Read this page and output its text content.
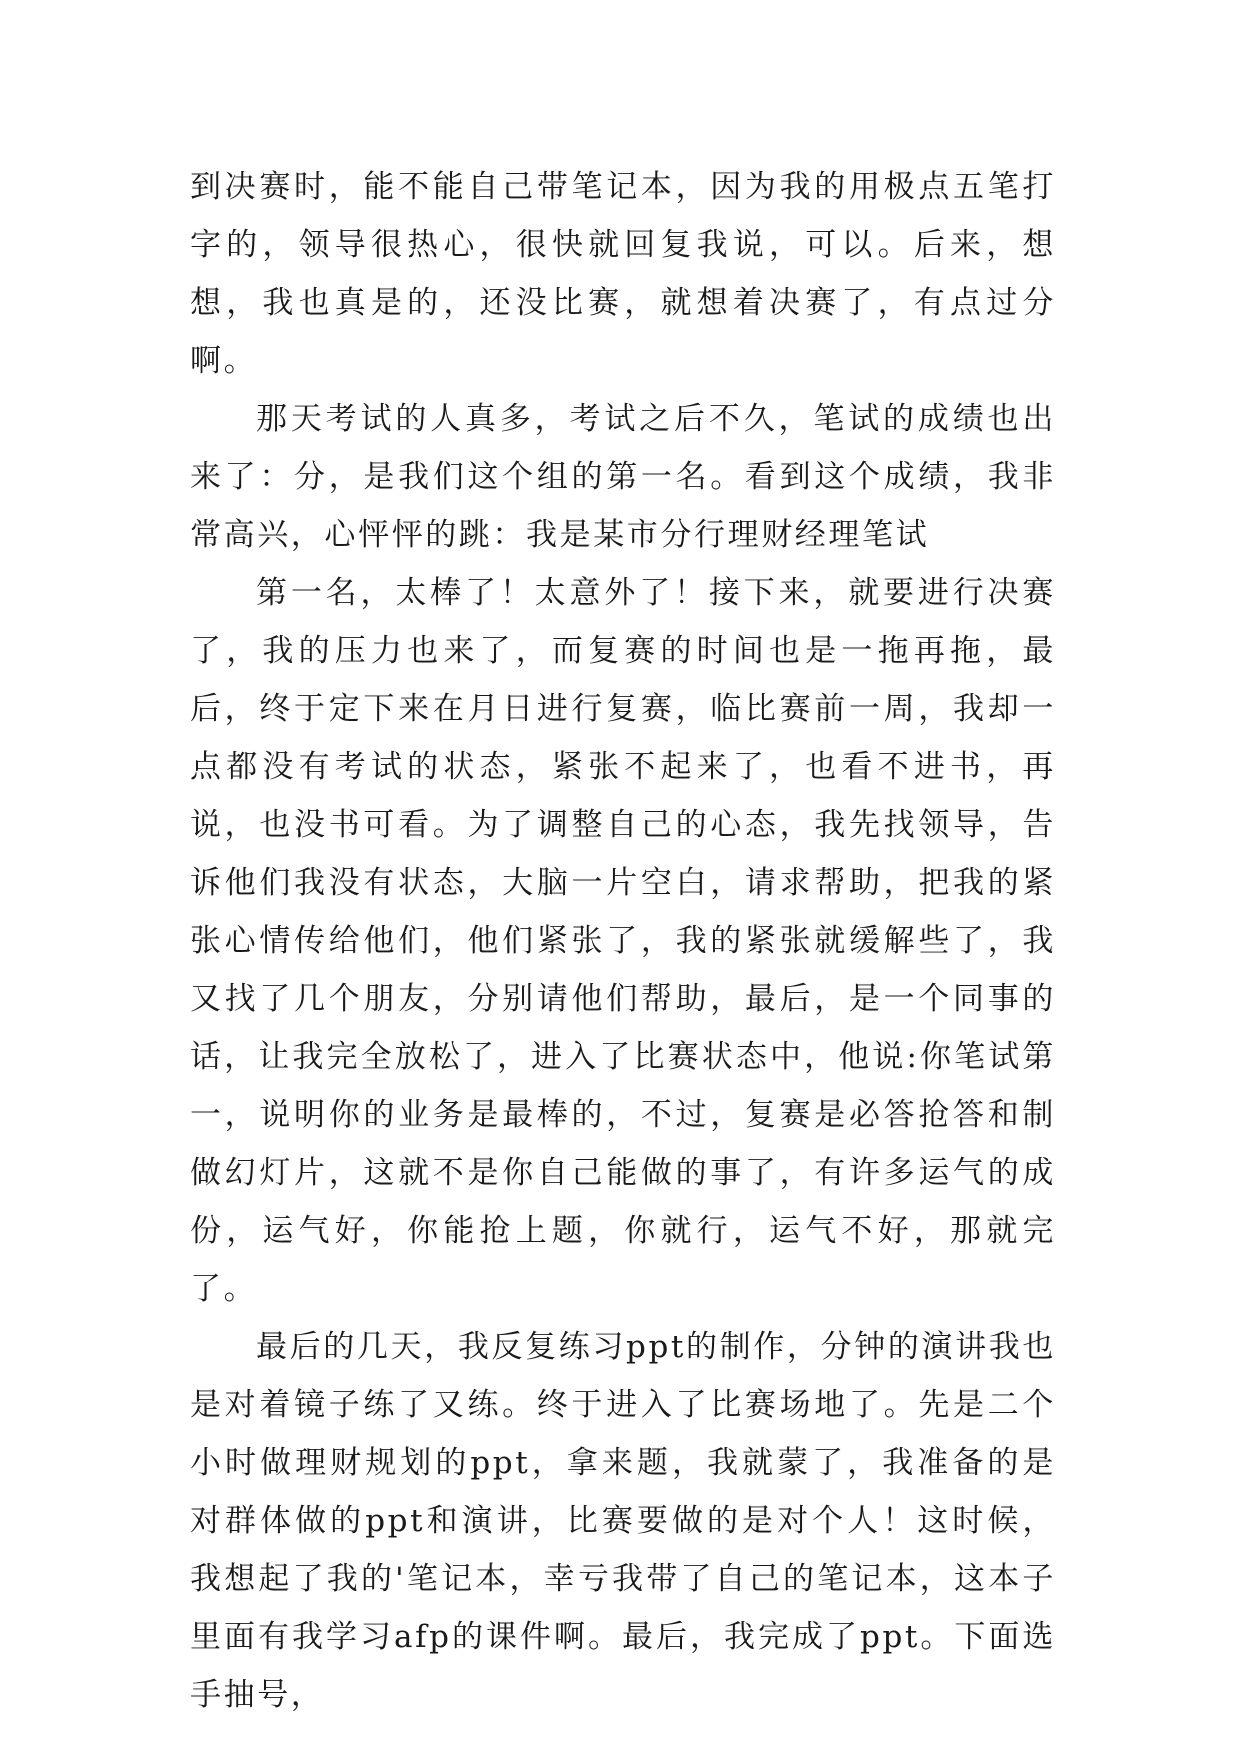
到决赛时，能不能自己带笔记本，因为我的用极点五笔打字的，领导很热心，很快就回复我说，可以。后来，想想，我也真是的，还没比赛，就想着决赛了，有点过分啊。

那天考试的人真多，考试之后不久，笔试的成绩也出来了：分，是我们这个组的第一名。看到这个成绩，我非常高兴，心怦怦的跳：我是某市分行理财经理笔试

第一名，太棒了！太意外了！接下来，就要进行决赛了，我的压力也来了，而复赛的时间也是一拖再拖，最后，终于定下来在月日进行复赛，临比赛前一周，我却一点都没有考试的状态，紧张不起来了，也看不进书，再说，也没书可看。为了调整自己的心态，我先找领导，告诉他们我没有状态，大脑一片空白，请求帮助，把我的紧张心情传给他们，他们紧张了，我的紧张就缓解些了，我又找了几个朋友，分别请他们帮助，最后，是一个同事的话，让我完全放松了，进入了比赛状态中，他说:你笔试第一，说明你的业务是最棒的，不过，复赛是必答抢答和制做幻灯片，这就不是你自己能做的事了，有许多运气的成份，运气好，你能抢上题，你就行，运气不好，那就完了。

最后的几天，我反复练习ppt的制作，分钟的演讲我也是对着镜子练了又练。终于进入了比赛场地了。先是二个小时做理财规划的ppt，拿来题，我就蒙了，我准备的是对群体做的ppt和演讲，比赛要做的是对个人！这时候，我想起了我的'笔记本，幸亏我带了自己的笔记本，这本子里面有我学习afp的课件啊。最后，我完成了ppt。下面选手抽号，
